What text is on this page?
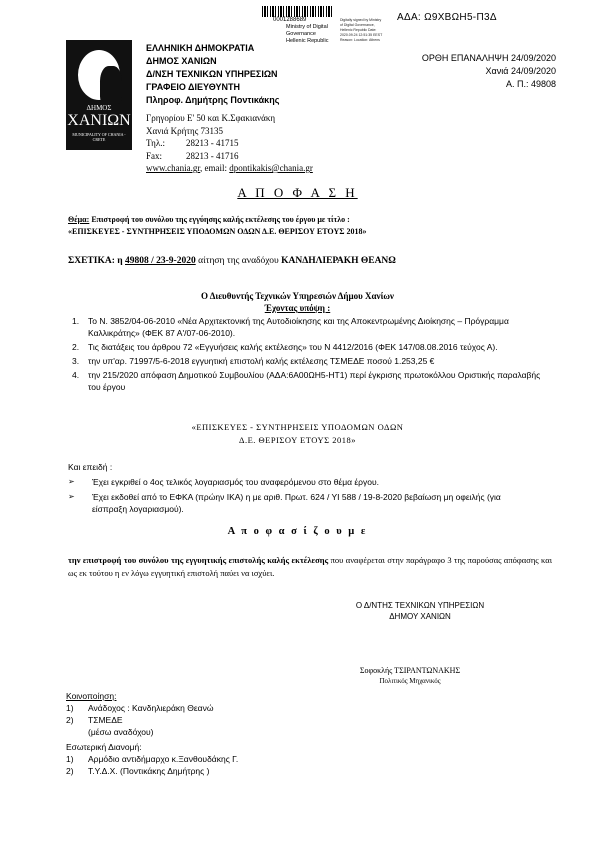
0001288689
Ministry of Digital
Governance
Hellenic Republic
Digitally signed by Ministry of Digital Governance, Hellenic Republic Date: 2020.09.24 12:51:35 EEST Reason: Location: Athens
ΑΔΑ: Ω9ΧΒΩΗ5-Π3Δ
ΔΗΜΟΣ
ΧΑΝΙΩΝ
MUNICIPALITY OF CHANIA - CRETE
ΕΛΛΗΝΙΚΗ ΔΗΜΟΚΡΑΤΙΑ
ΔΗΜΟΣ ΧΑΝΙΩΝ
Δ/ΝΣΗ ΤΕΧΝΙΚΩΝ ΥΠΗΡΕΣΙΩΝ
ΓΡΑΦΕΙΟ ΔΙΕΥΘΥΝΤΗ
Πληροφ. Δημήτρης Ποντικάκης
Γρηγορίου Ε' 50 και Κ.Σφακιανάκη
Χανιά Κρήτης 73135
Τηλ.: 28213 - 41715
Fax:	28213 - 41716
www.chania.gr, email: dpontikakis@chania.gr
ΟΡΘΗ ΕΠΑΝΑΛΗΨΗ 24/09/2020
Χανιά 24/09/2020
Α. Π.: 49808
Α Π Ο Φ Α Σ Η
Θέμα: Επιστροφή του συνόλου της εγγύησης καλής εκτέλεσης του έργου με τίτλο :
«ΕΠΙΣΚΕΥΕΣ - ΣΥΝΤΗΡΗΣΕΙΣ ΥΠΟΔΟΜΩΝ ΟΔΩΝ Δ.Ε. ΘΕΡΙΣΟΥ ΕΤΟΥΣ 2018»
ΣΧΕΤΙΚΑ: η 49808 / 23-9-2020 αίτηση της αναδόχου ΚΑΝΔΗΛΙΕΡΑΚΗ ΘΕΑΝΩ
Ο Διευθυντής Τεχνικών Υπηρεσιών Δήμου Χανίων
Έχοντας υπόψη :
1. Το Ν. 3852/04-06-2010 «Νέα Αρχιτεκτονική της Αυτοδιοίκησης και της Αποκεντρωμένης Διοίκησης – Πρόγραμμα Καλλικράτης» (ΦΕΚ 87 Α'/07-06-2010).
2. Τις διατάξεις του άρθρου 72 «Εγγυήσεις καλής εκτέλεσης» του Ν 4412/2016 (ΦΕΚ 147/08.08.2016 τεύχος Α).
3. την υπ'αρ. 71997/5-6-2018 εγγυητική επιστολή καλής εκτέλεσης ΤΣΜΕΔΕ ποσού 1.253,25 €
4. την 215/2020 απόφαση Δημοτικού Συμβουλίου (ΑΔΑ:6Α00ΩΗ5-ΗΤ1) περί έγκρισης πρωτοκόλλου Οριστικής παραλαβής του έργου
«ΕΠΙΣΚΕΥΕΣ - ΣΥΝΤΗΡΗΣΕΙΣ ΥΠΟΔΟΜΩΝ ΟΔΩΝ
Δ.Ε. ΘΕΡΙΣΟΥ ΕΤΟΥΣ 2018»
Και επειδή :
➢ Έχει εγκριθεί ο 4ος τελικός λογαριασμός του αναφερόμενου στο θέμα έργου.
➢ Έχει εκδοθεί από το ΕΦΚΑ (πρώην ΙΚΑ) η με αριθ. Πρωτ. 624 / ΥΙ 588 / 19-8-2020 βεβαίωση μη οφειλής (για είσπραξη λογαριασμού).
Α π ο φ α σ ί ζ ο υ μ ε
την επιστροφή του συνόλου της εγγυητικής επιστολής καλής εκτέλεσης που αναφέρεται στην παράγραφο 3 της παρούσας απόφασης και ως εκ τούτου η εν λόγω εγγυητική επιστολή παύει να ισχύει.
Ο Δ/ΝΤΗΣ ΤΕΧΝΙΚΩΝ ΥΠΗΡΕΣΙΩΝ
ΔΗΜΟΥ ΧΑΝΙΩΝ
Σοφοκλής ΤΣΙΡΑΝΤΩΝΑΚΗΣ
Πολιτικός Μηχανικός
Κοινοποίηση:
1) Ανάδοχος : Κανδηλιεράκη Θεανώ
2) ΤΣΜΕΔΕ
(μέσω αναδόχου)
Εσωτερική Διανομή:
1) Αρμόδιο αντιδήμαρχο κ.Ξανθουδάκης Γ.
2) Τ.Υ.Δ.Χ. (Ποντικάκης Δημήτρης )
